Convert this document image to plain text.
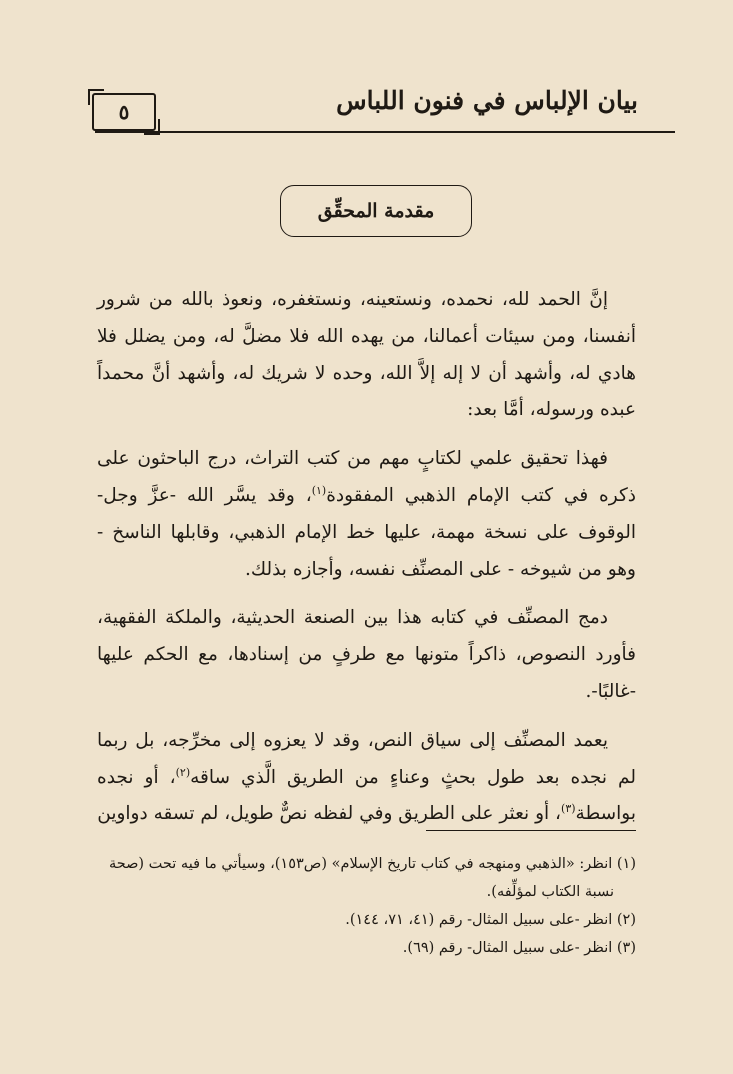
بيان الإلباس في فنون اللباس
٥
مقدمة المحقِّق

إنَّ الحمد لله، نحمده، ونستعينه، ونستغفره، ونعوذ بالله من شرور أنفسنا، ومن سيئات أعمالنا، من يهده الله فلا مضلَّ له، ومن يضلل فلا هادي له، وأشهد أن لا إله إلاَّ الله، وحده لا شريك له، وأشهد أنَّ محمداً عبده ورسوله، أمَّا بعد:

فهذا تحقيق علمي لكتابٍ مهم من كتب التراث، درج الباحثون على ذكره في كتب الإمام الذهبي المفقودة$^{(١)}$، وقد يسَّر الله -عزَّ وجل- الوقوف على نسخة مهمة، عليها خط الإمام الذهبي، وقابلها الناسخ - وهو من شيوخه - على المصنِّف نفسه، وأجازه بذلك.

دمج المصنِّف في كتابه هذا بين الصنعة الحديثية، والملكة الفقهية، فأورد النصوص، ذاكراً متونها مع طرفٍ من إسنادها، مع الحكم عليها -غالبًا-.

يعمد المصنِّف إلى سياق النص، وقد لا يعزوه إلى مخرِّجه، بل ربما لم نجده بعد طول بحثٍ وعناءٍ من الطريق الَّذي ساقه$^{(٢)}$، أو نجده بواسطة$^{(٣)}$، أو نعثر على الطريق وفي لفظه نصٌّ طويل، لم تسقه دواوين

(١) انظر: «الذهبي ومنهجه في كتاب تاريخ الإسلام» (ص١٥٣)، وسيأتي ما فيه تحت (صحة
نسبة الكتاب لمؤلِّفه).
(٢) انظر -على سبيل المثال- رقم (٤١، ٧١، ١٤٤).
(٣) انظر -على سبيل المثال- رقم (٦٩).
